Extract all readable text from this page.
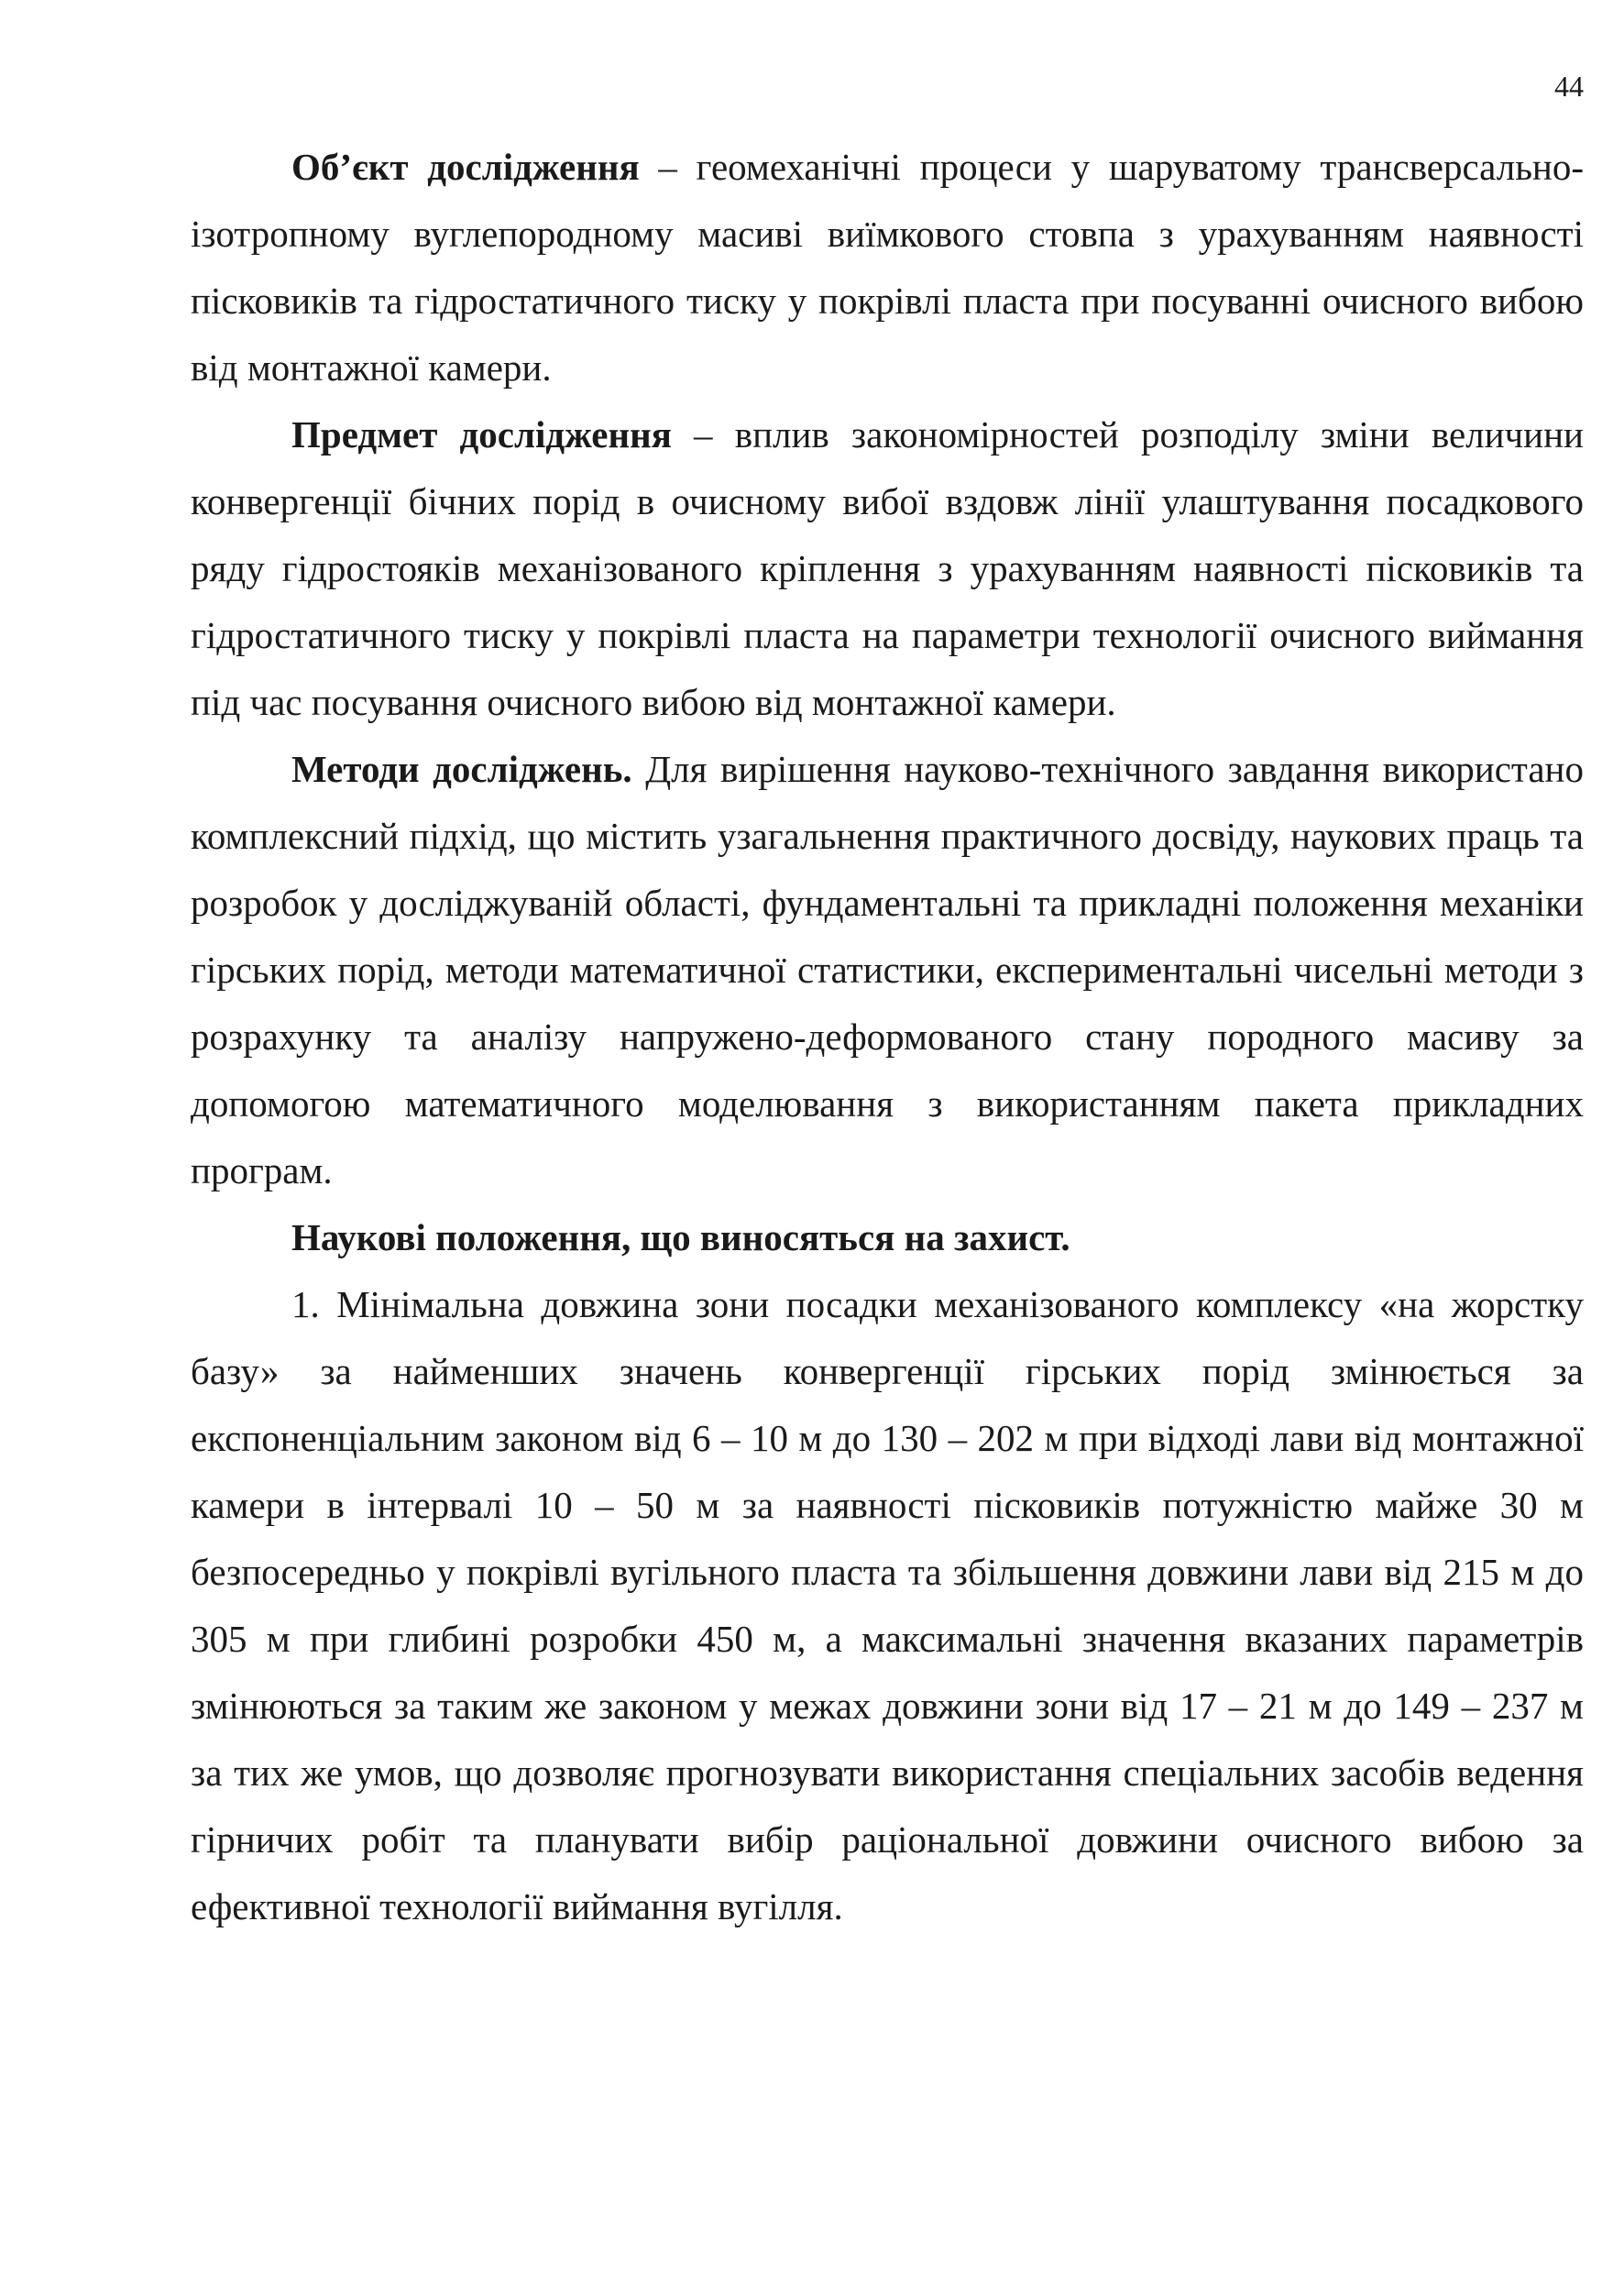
44

Об’єкт дослідження – геомеханічні процеси у шаруватому трансверсально-ізотропному вуглепородному масиві виїмкового стовпа з урахуванням наявності пісковиків та гідростатичного тиску у покрівлі пласта при посуванні очисного вибою від монтажної камери.

Предмет дослідження – вплив закономірностей розподілу зміни величини конвергенції бічних порід в очисному вибої вздовж лінії улаштування посадкового ряду гідростояків механізованого кріплення з урахуванням наявності пісковиків та гідростатичного тиску у покрівлі пласта на параметри технології очисного виймання під час посування очисного вибою від монтажної камери.

Методи досліджень. Для вирішення науково-технічного завдання використано комплексний підхід, що містить узагальнення практичного досвіду, наукових праць та розробок у досліджуваній області, фундаментальні та прикладні положення механіки гірських порід, методи математичної статистики, експериментальні чисельні методи з розрахунку та аналізу напружено-деформованого стану породного масиву за допомогою математичного моделювання з використанням пакета прикладних програм.

Наукові положення, що виносяться на захист.

1. Мінімальна довжина зони посадки механізованого комплексу «на жорстку базу» за найменших значень конвергенції гірських порід змінюється за експоненціальним законом від 6 – 10 м до 130 – 202 м при відході лави від монтажної камери в інтервалі 10 – 50 м за наявності пісковиків потужністю майже 30 м безпосередньо у покрівлі вугільного пласта та збільшення довжини лави від 215 м до 305 м при глибині розробки 450 м, а максимальні значення вказаних параметрів змінюються за таким же законом у межах довжини зони від 17 – 21 м до 149 – 237 м за тих же умов, що дозволяє прогнозувати використання спеціальних засобів ведення гірничих робіт та планувати вибір раціональної довжини очисного вибою за ефективної технології виймання вугілля.
